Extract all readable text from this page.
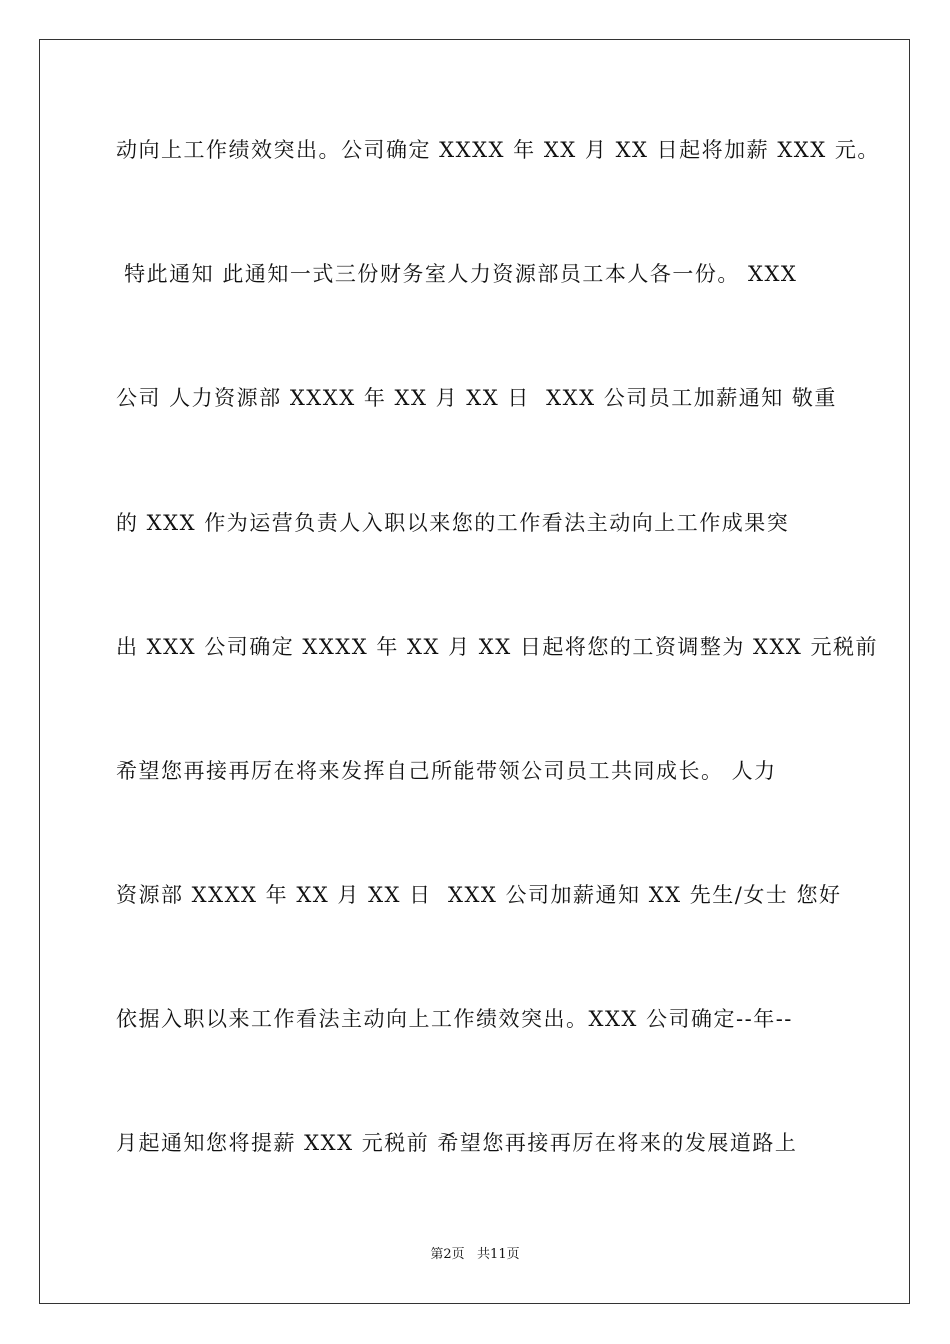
动向上工作绩效突出。公司确定 XXXX 年 XX 月 XX 日起将加薪 XXX 元。
特此通知 此通知一式三份财务室人力资源部员工本人各一份。 XXX
公司 人力资源部 XXXX 年 XX 月 XX 日  XXX 公司员工加薪通知 敬重
的 XXX 作为运营负责人入职以来您的工作看法主动向上工作成果突
出 XXX 公司确定 XXXX 年 XX 月 XX 日起将您的工资调整为 XXX 元税前
希望您再接再厉在将来发挥自己所能带领公司员工共同成长。 人力
资源部 XXXX 年 XX 月 XX 日  XXX 公司加薪通知 XX 先生/女士 您好
依据入职以来工作看法主动向上工作绩效突出。XXX 公司确定--年--
月起通知您将提薪 XXX 元税前 希望您再接再厉在将来的发展道路上
第2页   共11页
